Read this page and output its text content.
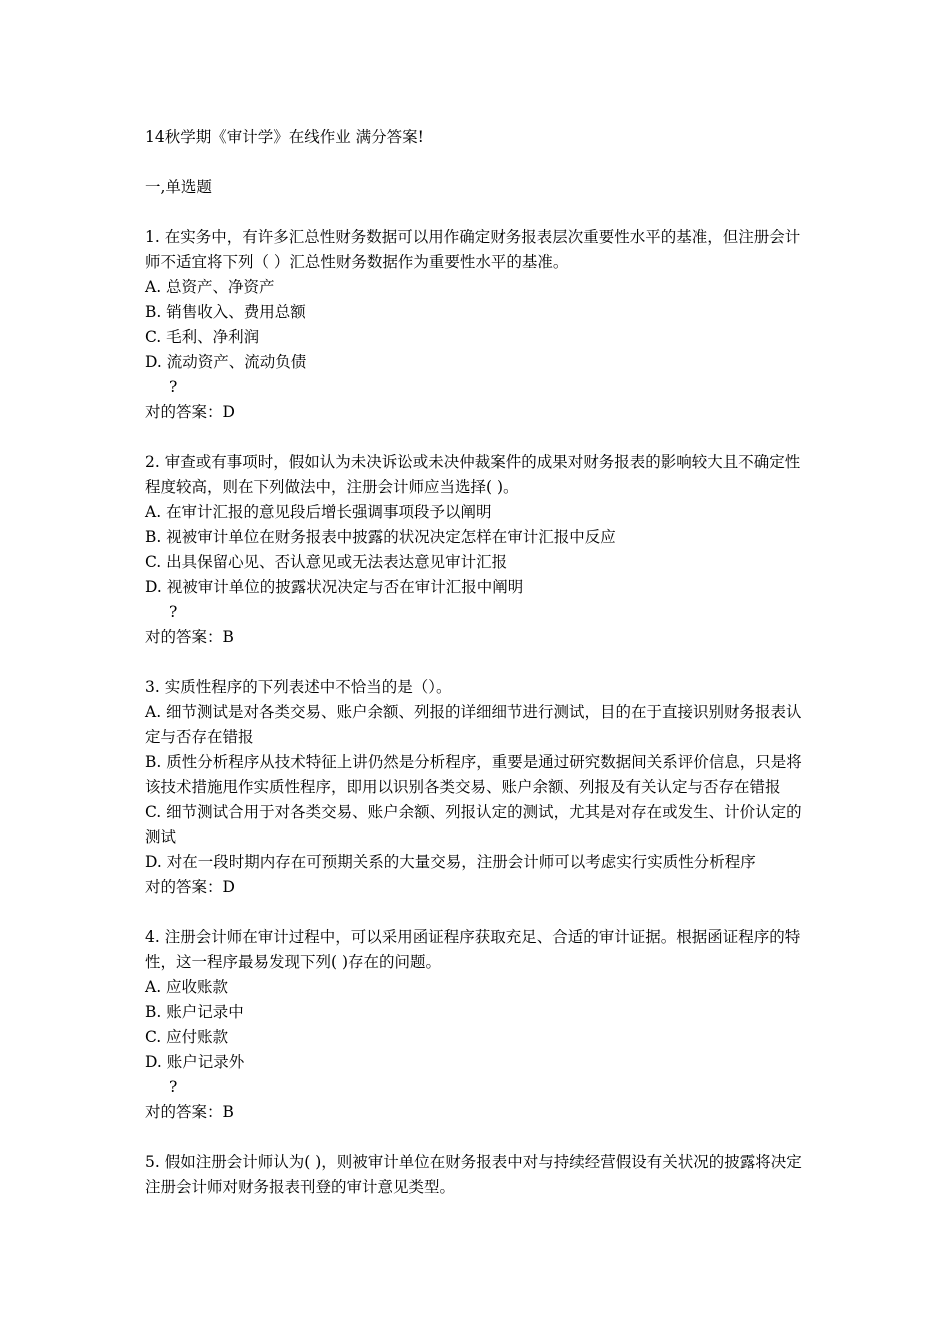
14秋学期《审计学》在线作业 满分答案!

一,单选题

1. 在实务中，有许多汇总性财务数据可以用作确定财务报表层次重要性水平的基准，但注册会计师不适宜将下列（ ）汇总性财务数据作为重要性水平的基准。

A. 总资产、净资产

B. 销售收入、费用总额

C. 毛利、净利润

D. 流动资产、流动负债

?

对的答案：D

2. 审查或有事项时，假如认为未决诉讼或未决仲裁案件的成果对财务报表的影响较大且不确定性程度较高，则在下列做法中，注册会计师应当选择( )。

A. 在审计汇报的意见段后增长强调事项段予以阐明

B. 视被审计单位在财务报表中披露的状况决定怎样在审计汇报中反应

C. 出具保留心见、否认意见或无法表达意见审计汇报

D. 视被审计单位的披露状况决定与否在审计汇报中阐明

?

对的答案：B

3. 实质性程序的下列表述中不恰当的是（）。

A. 细节测试是对各类交易、账户余额、列报的详细细节进行测试，目的在于直接识别财务报表认定与否存在错报

B. 质性分析程序从技术特征上讲仍然是分析程序，重要是通过研究数据间关系评价信息，只是将该技术措施甩作实质性程序，即用以识别各类交易、账户余额、列报及有关认定与否存在错报

C. 细节测试合用于对各类交易、账户余额、列报认定的测试，尤其是对存在或发生、计价认定的测试

D. 对在一段时期内存在可预期关系的大量交易，注册会计师可以考虑实行实质性分析程序

对的答案：D

4. 注册会计师在审计过程中，可以采用函证程序获取充足、合适的审计证据。根据函证程序的特性，这一程序最易发现下列( )存在的问题。

A. 应收账款

B. 账户记录中

C. 应付账款

D. 账户记录外

?

对的答案：B

5. 假如注册会计师认为( )，则被审计单位在财务报表中对与持续经营假设有关状况的披露将决定注册会计师对财务报表刊登的审计意见类型。
